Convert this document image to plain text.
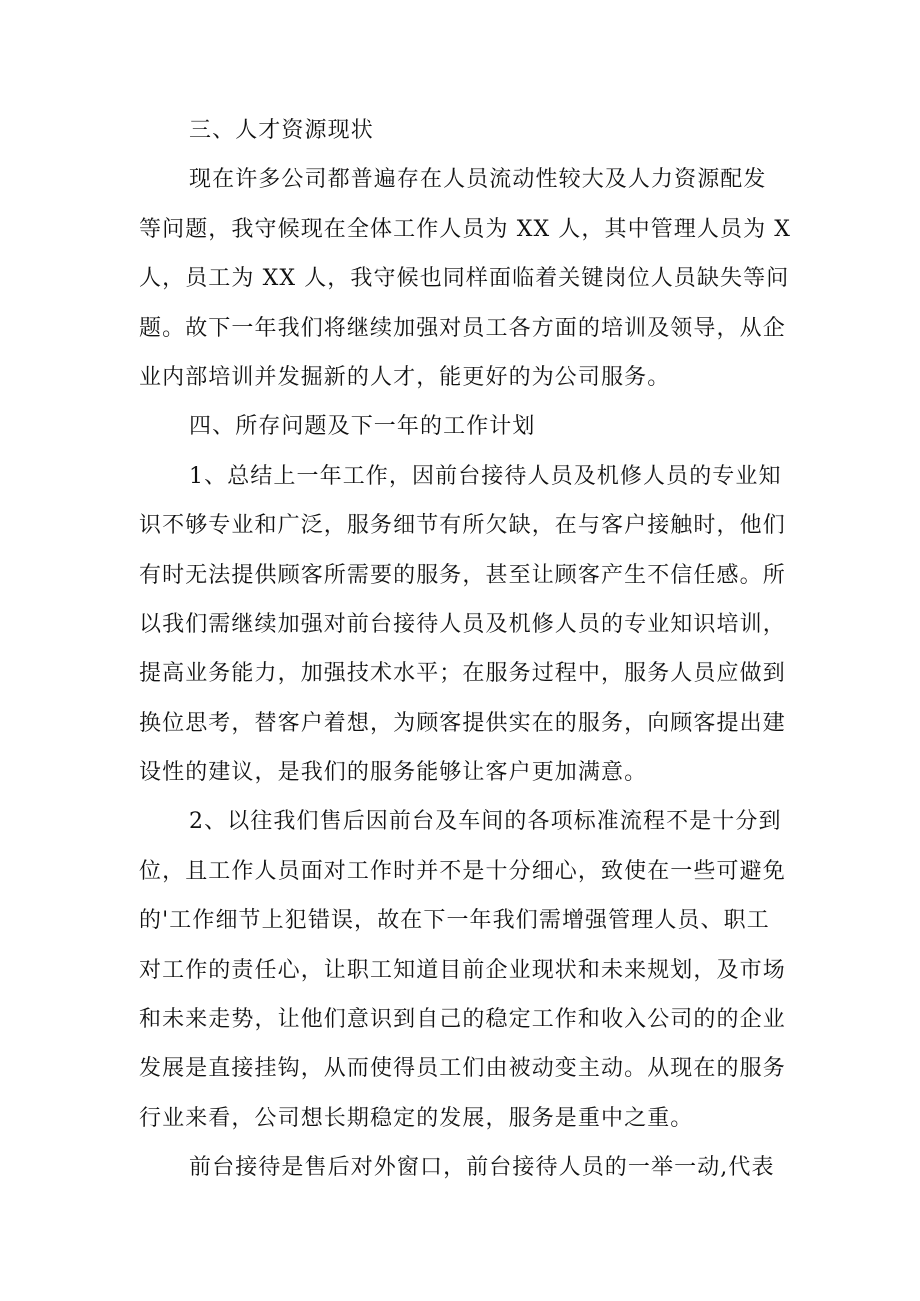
三、人才资源现状
现在许多公司都普遍存在人员流动性较大及人力资源配发
等问题，我守候现在全体工作人员为 XX 人，其中管理人员为 X
人，员工为 XX 人，我守候也同样面临着关键岗位人员缺失等问
题。故下一年我们将继续加强对员工各方面的培训及领导，从企
业内部培训并发掘新的人才，能更好的为公司服务。
四、所存问题及下一年的工作计划
1、总结上一年工作，因前台接待人员及机修人员的专业知
识不够专业和广泛，服务细节有所欠缺，在与客户接触时，他们
有时无法提供顾客所需要的服务，甚至让顾客产生不信任感。所
以我们需继续加强对前台接待人员及机修人员的专业知识培训，
提高业务能力，加强技术水平；在服务过程中，服务人员应做到
换位思考，替客户着想，为顾客提供实在的服务，向顾客提出建
设性的建议，是我们的服务能够让客户更加满意。
2、以往我们售后因前台及车间的各项标准流程不是十分到
位，且工作人员面对工作时并不是十分细心，致使在一些可避免
的'工作细节上犯错误，故在下一年我们需增强管理人员、职工
对工作的责任心，让职工知道目前企业现状和未来规划，及市场
和未来走势，让他们意识到自己的稳定工作和收入公司的的企业
发展是直接挂钩，从而使得员工们由被动变主动。从现在的服务
行业来看，公司想长期稳定的发展，服务是重中之重。
前台接待是售后对外窗口，前台接待人员的一举一动,代表
